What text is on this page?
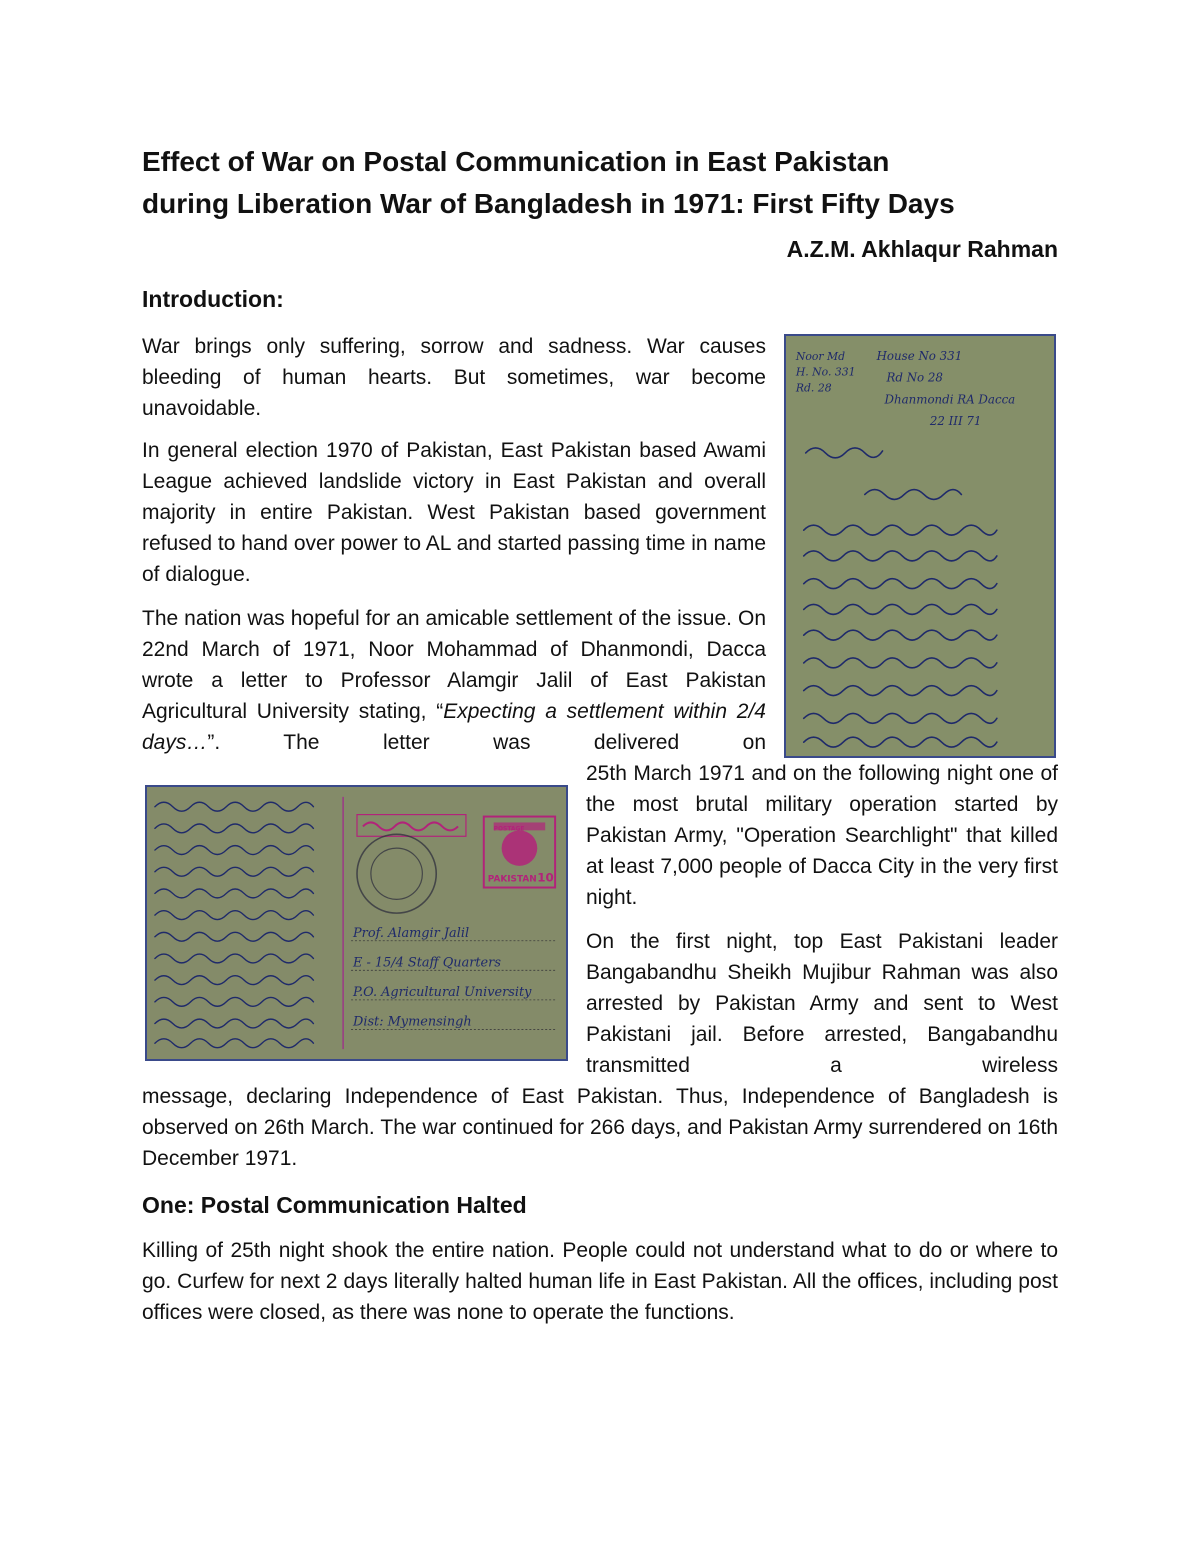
Effect of War on Postal Communication in East Pakistan
during Liberation War of Bangladesh in 1971: First Fifty Days

A.Z.M. Akhlaqur Rahman

Introduction:

War brings only suffering, sorrow and sadness. War causes bleeding of human hearts. But sometimes, war become unavoidable.

In general election 1970 of Pakistan, East Pakistan based Awami League achieved landslide victory in East Pakistan and overall majority in entire Pakistan. West Pakistan based government refused to hand over power to AL and started passing time in name of dialogue.

The nation was hopeful for an amicable settlement of the issue. On 22nd March of 1971, Noor Mohammad of Dhanmondi, Dacca wrote a letter to Professor Alamgir Jalil of East Pakistan Agricultural University stating, “Expecting a settlement within 2/4 days…”. The letter was delivered on

25th March 1971 and on the following night one of the most brutal military operation started by Pakistan Army, "Operation Searchlight" that killed at least 7,000 people of Dacca City in the very first night.

On the first night, top East Pakistani leader Bangabandhu Sheikh Mujibur Rahman was also arrested by Pakistan Army and sent to West Pakistani jail. Before arrested, Bangabandhu transmitted a wireless

message, declaring Independence of East Pakistan. Thus, Independence of Bangladesh is observed on 26th March. The war continued for 266 days, and Pakistan Army surrendered on 16th December 1971.

One: Postal Communication Halted

Killing of 25th night shook the entire nation. People could not understand what to do or where to go. Curfew for next 2 days literally halted human life in East Pakistan. All the offices, including post offices were closed, as there was none to operate the functions.

Noor Md
H. No. 331
Rd. 28
House No 331
Rd No 28
Dhanmondi RA Dacca
22 III 71
PAKISTAN 10
POSTAGE
Prof. Alamgir Jalil
E - 15/4 Staff Quarters
P.O. Agricultural University
Dist: Mymensingh
